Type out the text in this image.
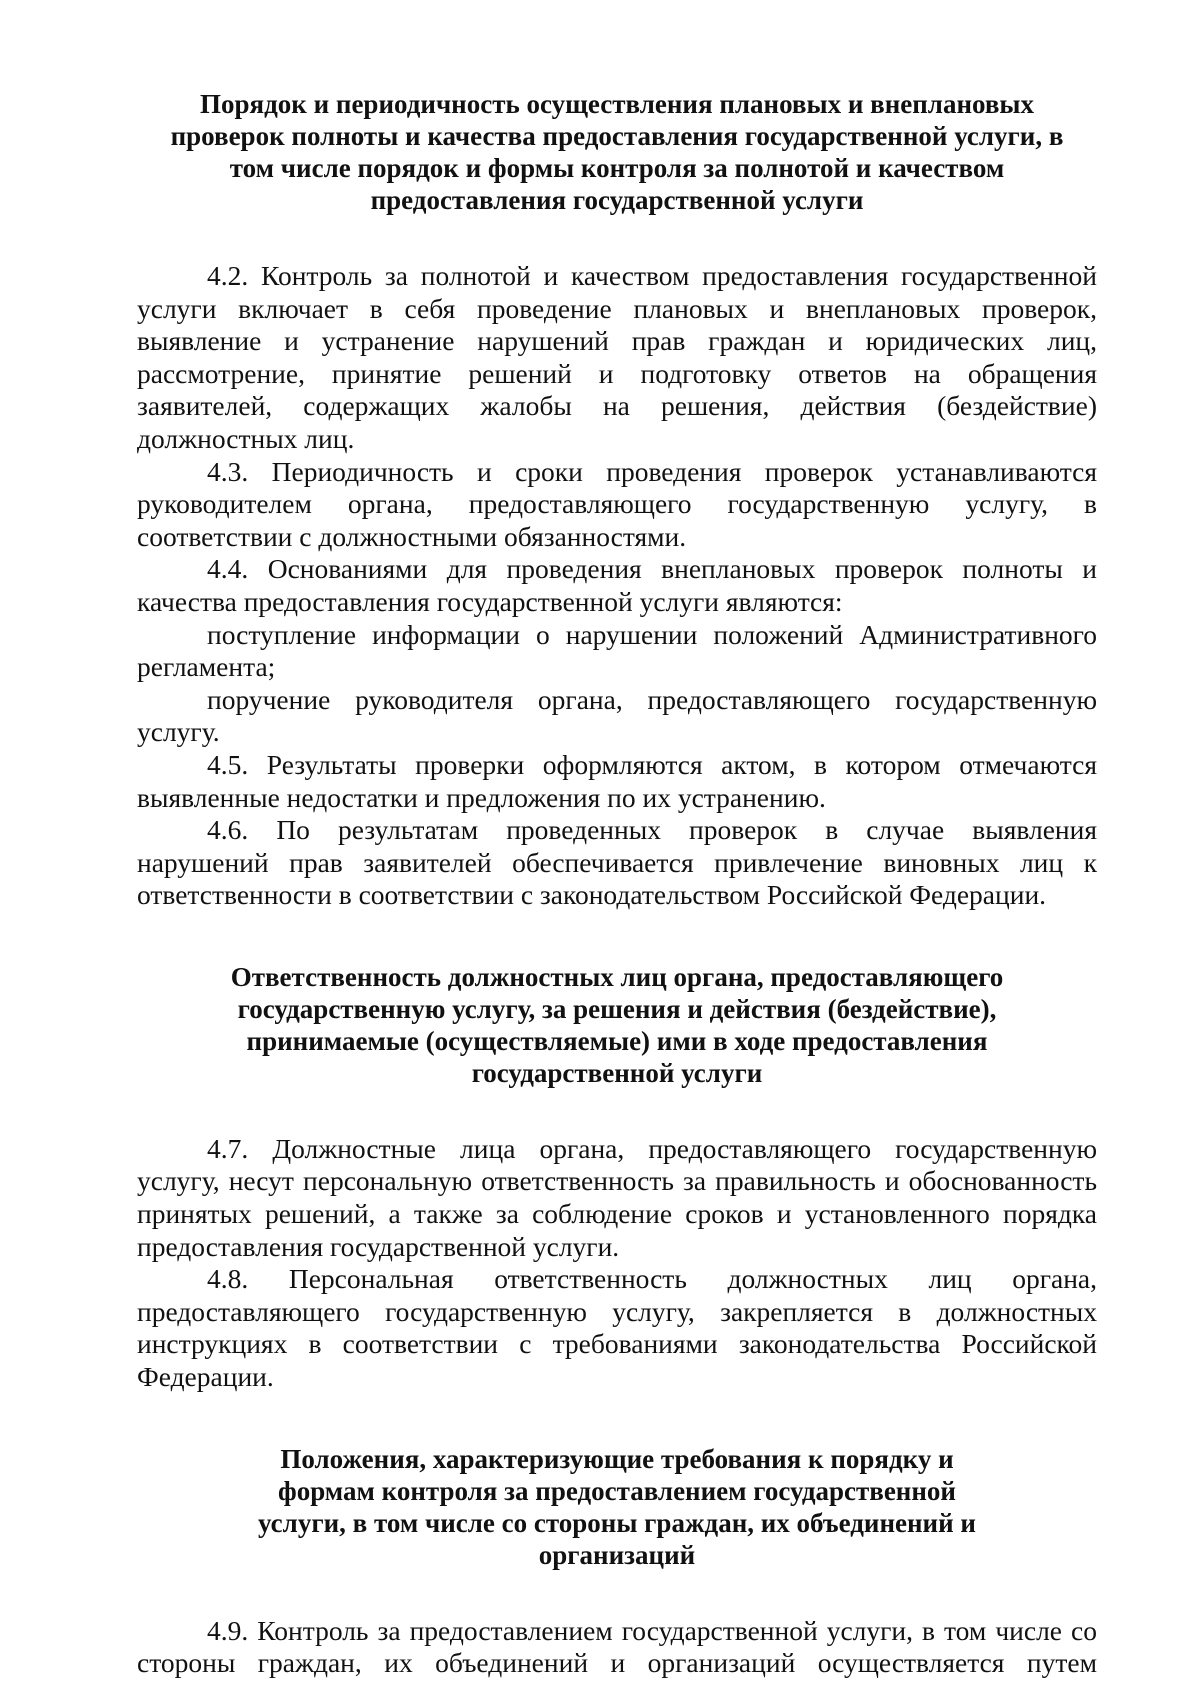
Порядок и периодичность осуществления плановых и внеплановых
проверок полноты и качества предоставления государственной услуги, в
том числе порядок и формы контроля за полнотой и качеством
предоставления государственной услуги
4.2. Контроль за полнотой и качеством предоставления государственной
услуги включает в себя проведение плановых и внеплановых проверок,
выявление и устранение нарушений прав граждан и юридических лиц,
рассмотрение, принятие решений и подготовку ответов на обращения
заявителей, содержащих жалобы на решения, действия (бездействие)
должностных лиц.
4.3. Периодичность и сроки проведения проверок устанавливаются
руководителем органа, предоставляющего государственную услугу, в
соответствии с должностными обязанностями.
4.4. Основаниями для проведения внеплановых проверок полноты и
качества предоставления государственной услуги являются:
поступление информации о нарушении положений Административного
регламента;
поручение руководителя органа, предоставляющего государственную
услугу.
4.5. Результаты проверки оформляются актом, в котором отмечаются
выявленные недостатки и предложения по их устранению.
4.6. По результатам проведенных проверок в случае выявления
нарушений прав заявителей обеспечивается привлечение виновных лиц к
ответственности в соответствии с законодательством Российской Федерации.
Ответственность должностных лиц органа, предоставляющего
государственную услугу, за решения и действия (бездействие),
принимаемые (осуществляемые) ими в ходе предоставления
государственной услуги
4.7. Должностные лица органа, предоставляющего государственную
услугу, несут персональную ответственность за правильность и обоснованность
принятых решений, а также за соблюдение сроков и установленного порядка
предоставления государственной услуги.
4.8. Персональная ответственность должностных лиц органа,
предоставляющего государственную услугу, закрепляется в должностных
инструкциях в соответствии с требованиями законодательства Российской
Федерации.
Положения, характеризующие требования к порядку и
формам контроля за предоставлением государственной
услуги, в том числе со стороны граждан, их объединений и
организаций
4.9. Контроль за предоставлением государственной услуги, в том числе со
стороны граждан, их объединений и организаций осуществляется путем
